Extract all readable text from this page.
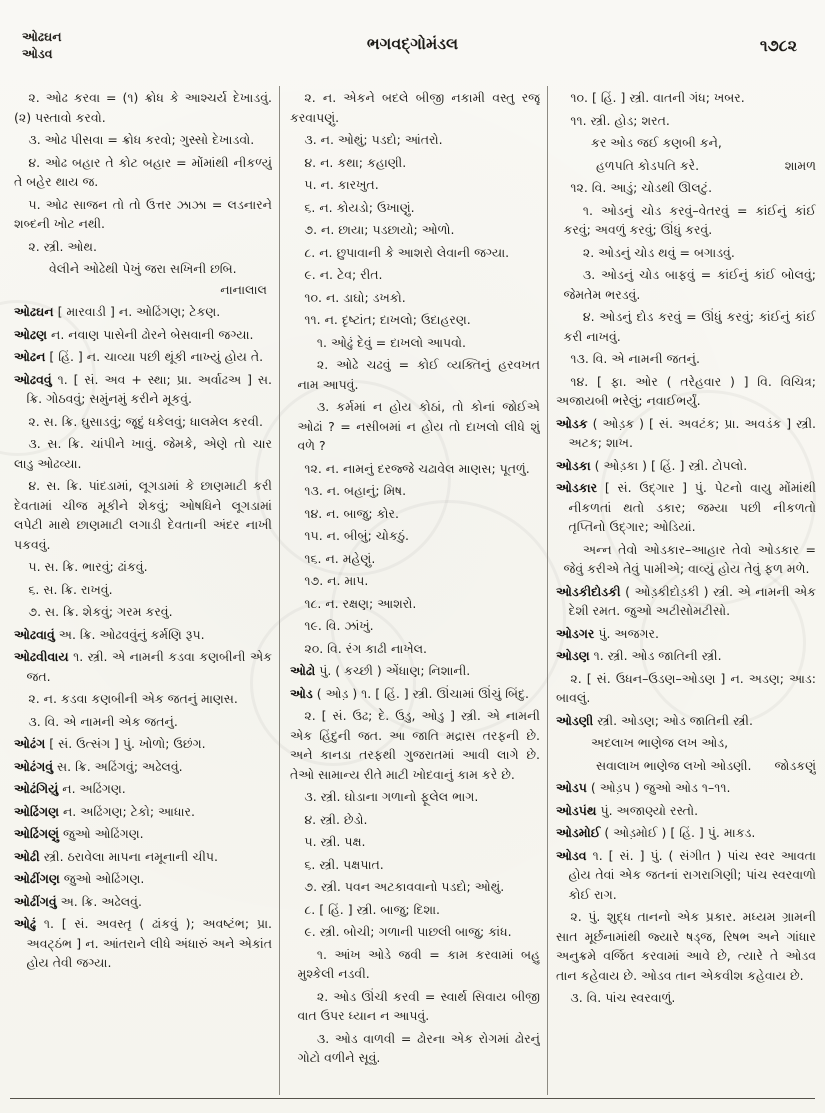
ઓઢઘન
ઓડવ
ભગવદ્ગોમંડલ	૧૭૮૨

૨. ઓઢ કરવા = (૧) ક્રોધ કે આશ્ચર્ય દેખાડવું. (૨) પસ્તાવો કરવો.

૩. ઓઢ પીસવા = ક્રોધ કરવો; ગુસ્સો દેખાડવો.

૪. ઓઢ બહાર તે કોટ બહાર = મોંમાંથી નીકળ્યું તે બહેર થાય જ.

૫. ઓઢ સાજન તો તો ઉત્તર ઝાઝા = લડનારને શબ્દની ખોટ નથી.

૨. સ્ત્રી. ઓથ.

વેલીને ઓઢેથી પેખું જરા સખિની છબિ.

નાનાલાલ

ઓઢઘન [ મારવાડી ] ન. ઓઢિંગણ; ટેકણ.

ઓઢણ ન. નવાણ પાસેની ઢોરને બેસવાની જગ્યા.

ઓઢન [ હિં. ] ન. ચાવ્યા પછી થૂંકી નાખ્યું હોય તે.

ઓઢવવું ૧. [ સં. અવ + સ્થા; પ્રા. અર્વાઢઅ ] સ. ક્રિ. ગોઠવવું; સમુંનમું કરીને મૂકવું.

૨. સ. ક્રિ. ઘુસાડવું; જૂદું ધકેલવું; ધાલમેલ કરવી.

૩. સ. ક્રિ. ચાંપીને ખાવું. જેમકે, એણે તો ચાર લાડુ ઓઢવ્યા.

૪. સ. ક્રિ. પાંદડામાં, લૂગડામાં કે છાણમાટી કરી દેવતામાં ચીજ મૂકીને શેકવું; ઓષધિને લૂગડામાં લપેટી માથે છાણમાટી લગાડી દેવતાની અંદર નાખી પકવવું.

૫. સ. ક્રિ. ભારવું; ઢાંકવું.

૬. સ. ક્રિ. રાખવું.

૭. સ. ક્રિ. શેકવું; ગરમ કરવું.

ઓઢવાવું અ. ક્રિ. ઓઢવવુંનું કર્મણિ રૂપ.

ઓઢવીવાય ૧. સ્ત્રી. એ નામની કડવા કણબીની એક જત.

૨. ન. કડવા કણબીની એક જતનું માણસ.

૩. વિ. એ નામની એક જતનું.

ઓઢંગ [ સં. ઉત્સંગ ] પું. ખોળો; ઉછંગ.

ઓઢંગવું સ. ક્રિ. અઢિંગવું; અઢેલવું.

ઓઢંગિયું ન. અઢિંગણ.

ઓઢિંગણ ન. અઢિંગણ; ટેકો; આધાર.

ઓઢિંગણું જુઓ ઓઢિંગણ.

ઓઢી સ્ત્રી. ઠરાવેલા માપના નમૂનાની ચીપ.

ઓઢીંગણ જુઓ ઓઢિંગણ.

ઓઢીંગવું અ. ક્રિ. અઢેલવું.

ઓઢું ૧. [ સં. અવસ્તૃ ( ઢાંકવું ); અવષ્ટંભ; પ્રા. અવટ્ઠંભ ] ન. આંતરાને લીધે અંધારું અને એકાંત હોય તેવી જગ્યા.

૨. ન. એકને બદલે બીજી નકામી વસ્તુ રજૂ કરવાપણું.

૩. ન. ઓથું; પડદો; આંતરો.

૪. ન. કથા; કહાણી.

૫. ન. કારખુત.

૬. ન. કોયડો; ઉખાણું.

૭. ન. છાયા; પડછાયો; ઓળો.

૮. ન. છુપાવાની કે આશરો લેવાની જગ્યા.

૯. ન. ટેવ; રીત.

૧૦. ન. ડાઘો; ડખકો.

૧૧. ન. દૃષ્ટાંત; દાખલો; ઉદાહરણ.

૧. ઓઢું દેવું = દાખલો આપવો.

૨. ઓઢે ચઢવું = કોઈ વ્યક્તિનું હરવખત નામ આપવું.

૩. કર્મમાં ન હોય કોઠાં, તો કોનાં જોઈએ ઓઢાં ? = નસીબમાં ન હોય તો દાખલો લીધે શું વળે ?

૧૨. ન. નામનું દરજ્જે ચઢાવેલ માણસ; પૂતળું.

૧૩. ન. બહાનું; મિષ.

૧૪. ન. બાજુ; કોર.

૧૫. ન. બીબું; ચોકઠું.

૧૬. ન. મહેણું.

૧૭. ન. માપ.

૧૮. ન. રક્ષણ; આશરો.

૧૯. વિ. ઝાંખું.

૨૦. વિ. રંગ કાઢી નાખેલ.

ઓઢો પું. ( કચ્છી ) એંધાણ; નિશાની.

ઓડ ( ઓડ઼ ) ૧. [ હિં. ] સ્ત્રી. ઊંચામાં ઊંચું બિંદુ.

૨. [ સં. ઉઢ; દે. ઉડુ, ઓડુ ] સ્ત્રી. એ નામની એક હિંદુની જત. આ જાતિ મદ્રાસ તરફની છે. અને કાનડા તરફથી ગુજરાતમાં આવી લાગે છે. તેઓ સામાન્ય રીતે માટી ખોદવાનું કામ કરે છે.

૩. સ્ત્રી. ઘોડાના ગળાનો ફૂલેલ ભાગ.

૪. સ્ત્રી. છેડો.

૫. સ્ત્રી. પક્ષ.

૬. સ્ત્રી. પક્ષપાત.

૭. સ્ત્રી. પવન અટકાવવાનો પડદો; ઓથું.

૮. [ હિં. ] સ્ત્રી. બાજુ; દિશા.

૯. સ્ત્રી. બોચી; ગળાની પાછલી બાજુ; કાંધ.

૧. આંખ ઓડે જવી = કામ કરવામાં બહુ મુશ્કેલી નડવી.

૨. ઓડ ઊંચી કરવી = સ્વાર્થ સિવાય બીજી વાત ઉપર ધ્યાન ન આપવું.

૩. ઓડ વાળવી = ઢોરના એક રોગમાં ઢોરનું ગોટો વળીને સૂવું.

૧૦. [ હિં. ] સ્ત્રી. વાતની ગંધ; ખબર.

૧૧. સ્ત્રી. હોડ; શરત.

કર ઓડ જઈ કણબી કને,

શામળ
હળપતિ કોડપતિ કરે.

૧૨. વિ. આડું; ચોડથી ઊલટું.

૧. ઓડનું ચોડ કરવું–વેતરવું = કાંઈનું કાંઈ કરવું; અવળું કરવું; ઊંધું કરવું.

૨. ઓડનું ચોડ થવું = બગાડવું.

૩. ઓડનું ચોડ બાફવું = કાંઈનું કાંઈ બોલવું; જેમતેમ ભરડવું.

૪. ઓડનું દોડ કરવું = ઊંધું કરવું; કાંઈનું કાંઈ કરી નાખવું.

૧૩. વિ. એ નામની જતનું.

૧૪. [ ફા. ઓર ( તરેહવાર ) ] વિ. વિચિત્ર; અજાયબી ભરેલું; નવાઈભર્યું.

ઓડક ( ઓડ઼ક ) [ સં. અવટંક; પ્રા. અવડંક ] સ્ત્રી. અટક; શાખ.

ઓડકા ( ઓડ઼કા ) [ હિં. ] સ્ત્રી. ટોપલો.

ઓડકાર [ સં. ઉદ્ગાર ] પું. પેટનો વાયુ મોંમાંથી નીકળતાં થતો ડકાર; જમ્યા પછી નીકળતો તૃપ્તિનો ઉદ્ગાર; ઓડિયાં.

અન્ન તેવો ઓડકાર–આહાર તેવો ઓડકાર = જેવું કરીએ તેવું પામીએ; વાવ્યું હોય તેવું ફળ મળે.

ઓડકીદોડકી ( ઓડ઼કીદોડ઼કી ) સ્ત્રી. એ નામની એક દેશી રમત. જુઓ અટીસોમટીસો.

ઓડગર પું. અજગર.

ઓડણ ૧. સ્ત્રી. ઓડ જાતિની સ્ત્રી.

૨. [ સં. ઉધન–ઉડણ–ઓડણ ] ન. અડણ; આડ: બાવલું.

ઓડણી સ્ત્રી. ઓડણ; ઓડ જાતિની સ્ત્રી.

અદલાખ ભાણેજ લખ ઓડ,

જોડકણું
સવાલાખ ભાણેજ લખો ઓડણી.

ઓડપ ( ઓડ઼પ ) જુઓ ઓડ ૧–૧૧.

ઓડપંથ પું. અજાણ્યો રસ્તો.

ઓડમોઈ ( ઓડ઼મોઈ ) [ હિં. ] પું. માકડ.

ઓડવ ૧. [ સં. ] પું. ( સંગીત ) પાંચ સ્વર આવતા હોય તેવાં એક જતનાં રાગરાગિણી; પાંચ સ્વરવાળો કોઈ રાગ.

૨. પું. શુદ્ધ તાનનો એક પ્રકાર. મધ્યમ ગ્રામની સાત મૂર્છનામાંથી જ્યારે ષડ્જ, રિષભ અને ગાંધાર અનુક્રમે વર્જિત કરવામાં આવે છે, ત્યારે તે ઓડવ તાન કહેવાય છે. ઓડવ તાન એકવીશ કહેવાય છે.

૩. વિ. પાંચ સ્વરવાળું.
